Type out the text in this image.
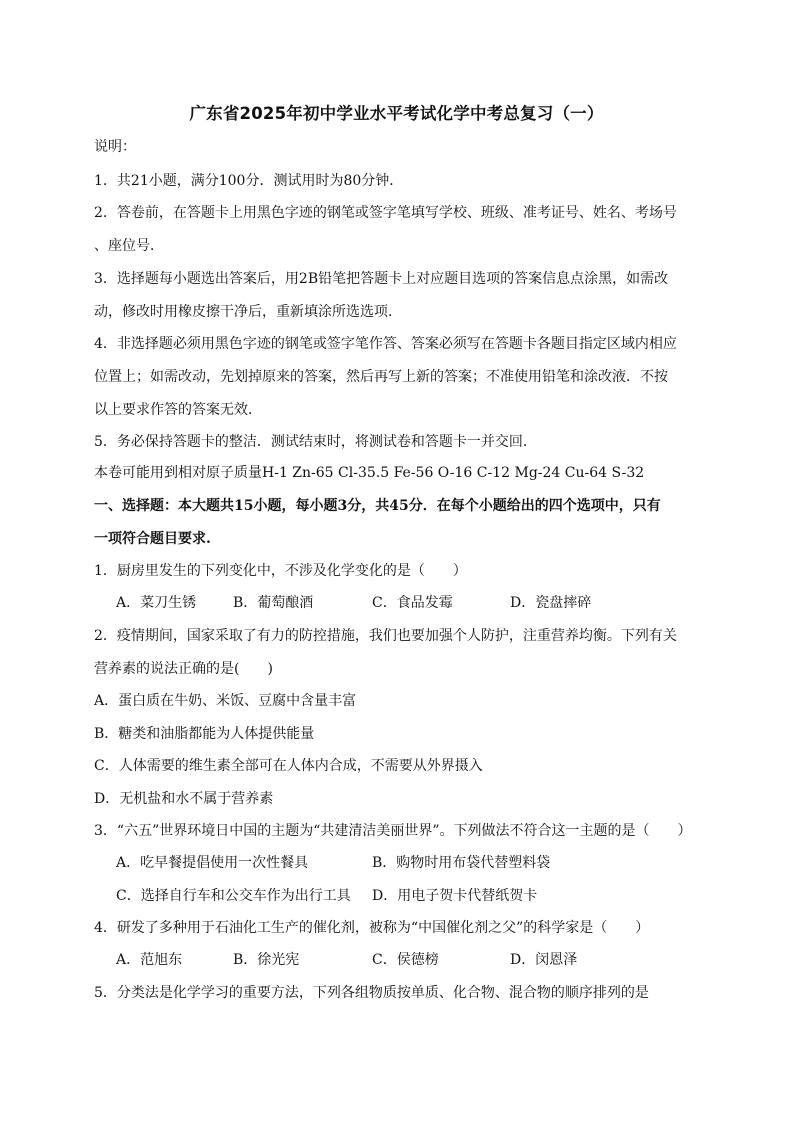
广东省2025年初中学业水平考试化学中考总复习（一）
说明：
1．共21小题，满分100分．测试用时为80分钟．
2．答卷前，在答题卡上用黑色字迹的钢笔或签字笔填写学校、班级、准考证号、姓名、考场号
、座位号．
3．选择题每小题选出答案后，用2B铅笔把答题卡上对应题目选项的答案信息点涂黑，如需改
动，修改时用橡皮擦干净后，重新填涂所选选项．
4．非选择题必须用黑色字迹的钢笔或签字笔作答、答案必须写在答题卡各题目指定区域内相应
位置上；如需改动，先划掉原来的答案，然后再写上新的答案；不准使用铅笔和涂改液．不按
以上要求作答的答案无效．
5．务必保持答题卡的整洁．测试结束时，将测试卷和答题卡一并交回．
本卷可能用到相对原子质量H-1 Zn-65 Cl-35.5 Fe-56 O-16 C-12 Mg-24 Cu-64 S-32
一、选择题：本大题共15小题，每小题3分，共45分．在每个小题给出的四个选项中，只有
一项符合题目要求.
1．厨房里发生的下列变化中，不涉及化学变化的是（　　）
A．菜刀生锈	B．葡萄酿酒	C．食品发霉	D．瓷盘摔碎
2．疫情期间，国家采取了有力的防控措施，我们也要加强个人防护，注重营养均衡。下列有关
营养素的说法正确的是(　　)
A．蛋白质在牛奶、米饭、豆腐中含量丰富
B．糖类和油脂都能为人体提供能量
C．人体需要的维生素全部可在人体内合成，不需要从外界摄入
D．无机盐和水不属于营养素
3．“六五”世界环境日中国的主题为“共建清洁美丽世界”。下列做法不符合这一主题的是（　　）
A．吃早餐提倡使用一次性餐具	B．购物时用布袋代替塑料袋
C．选择自行车和公交车作为出行工具 D．用电子贺卡代替纸贺卡
4．研发了多种用于石油化工生产的催化剂，被称为“中国催化剂之父”的科学家是（　　）
A．范旭东	B．徐光宪	C．侯德榜	D．闵恩泽
5．分类法是化学学习的重要方法，下列各组物质按单质、化合物、混合物的顺序排列的是
